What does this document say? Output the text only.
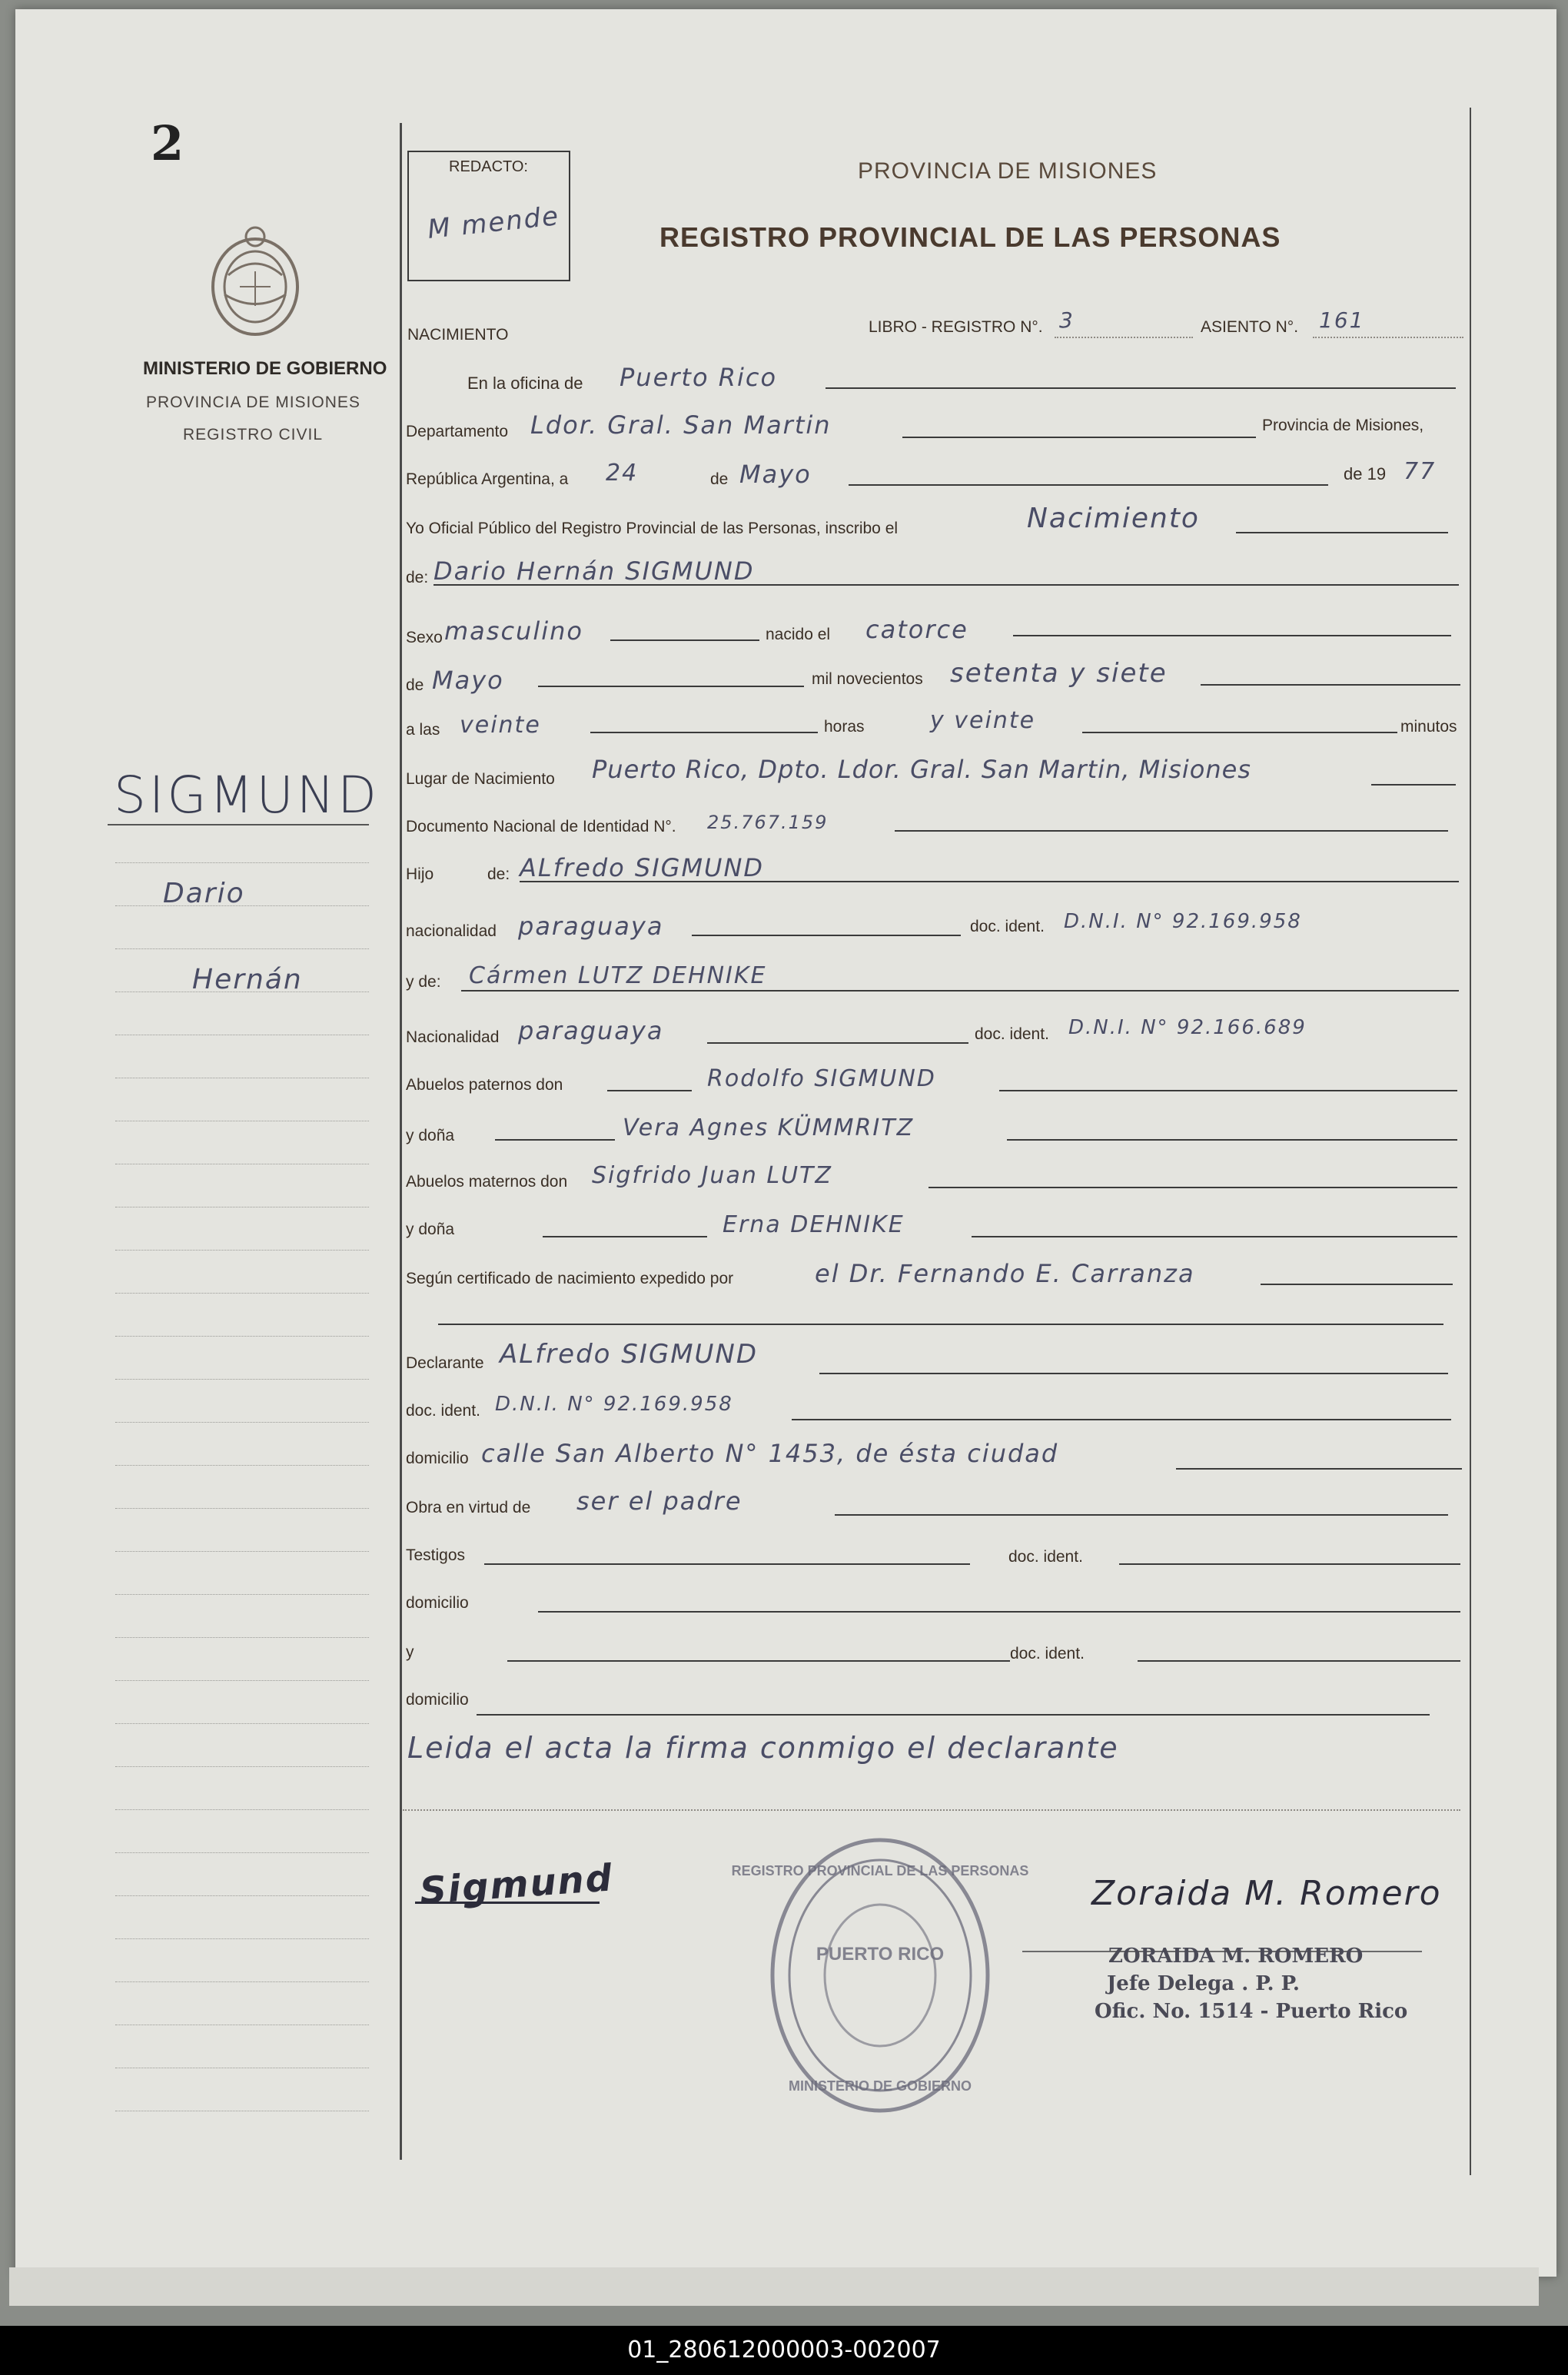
2
MINISTERIO DE GOBIERNO
PROVINCIA DE MISIONES
REGISTRO CIVIL
SIGMUND
Dario
Hernán
REDACTO:
M mende
PROVINCIA DE MISIONES
REGISTRO PROVINCIAL DE LAS PERSONAS
NACIMIENTO	LIBRO - REGISTRO N°. 3	ASIENTO N°. 161
En la oficina de Puerto Rico
Departamento Ldor. Gral. San Martin	Provincia de Misiones,
República Argentina, a 24	de Mayo	de 19 77
Yo Oficial Público del Registro Provincial de las Personas, inscribo el	Nacimiento
de: Dario Hernán SIGMUND
Sexo masculino	nacido el catorce
de Mayo	mil novecientos setenta y siete
a las veinte	horas	y veinte	minutos
Lugar de Nacimiento Puerto Rico, Dpto. Ldor. Gral. San Martin, Misiones
Documento Nacional de Identidad N°. 25.767.159
Hijo	de: ALfredo SIGMUND
nacionalidad paraguaya	doc. ident. D.N.I. N° 92.169.958
y de: Cármen LUTZ DEHNIKE
Nacionalidad paraguaya	doc. ident. D.N.I. N° 92.166.689
Abuelos paternos don	Rodolfo SIGMUND
y doña	Vera Agnes KÜMMRITZ
Abuelos maternos don Sigfrido Juan LUTZ
y doña	Erna DEHNIKE
Según certificado de nacimiento expedido por	el Dr. Fernando E. Carranza
Declarante ALfredo SIGMUND
doc. ident. D.N.I. N° 92.169.958
domicilio calle San Alberto N° 1453, de ésta ciudad
Obra en virtud de ser el padre
Testigos	doc. ident.
domicilio
y	doc. ident.
domicilio
Leida el acta la firma conmigo el declarante
Sigmund	REGISTRO PROVINCIAL DE LAS PERSONAS
PUERTO RICO
MINISTERIO DE GOBIERNO
Zoraida M. Romero
ZORAIDA M. ROMERO
Jefe Delega . P. P.
Ofic. No. 1514 - Puerto Rico
01_280612000003-002007
